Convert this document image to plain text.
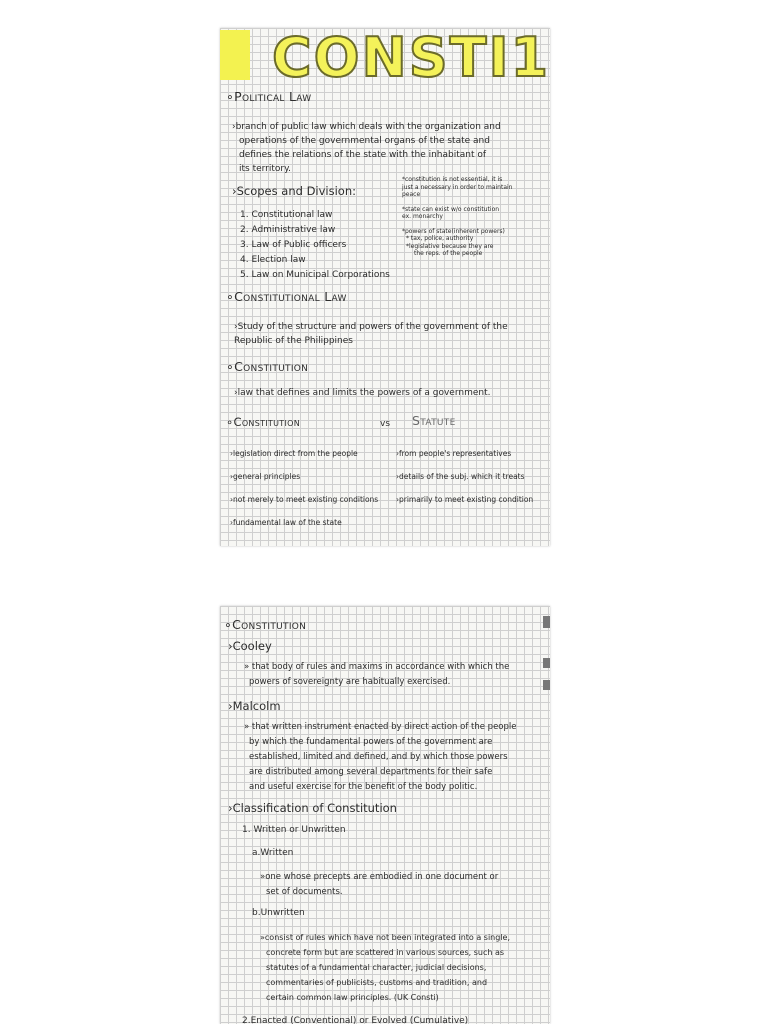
CONSTI1
∘Political Law
›branch of public law which deals with the organization and
operations of the governmental organs of the state and
defines the relations of the state with the inhabitant of
its territory.
›Scopes and Division:
1. Constitutional law
2. Administrative law
3. Law of Public officers
4. Election law
5. Law on Municipal Corporations
*constitution is not essential, it is
just a necessary in order to maintain
peace
*state can exist w/o constitution
ex. monarchy
*powers of state(inherent powers)
* tax, police, authority
*legislative because they are
the reps. of the people
∘Constitutional Law
›Study of the structure and powers of the government of the
Republic of the Philippines
∘Constitution
›law that defines and limits the powers of a government.
∘Constitution	vs Statute
›legislation direct from the people
›general principles
›not merely to meet existing conditions
›fundamental law of the state
›from people's representatives
›details of the subj. which it treats
›primarily to meet existing condition
∘Constitution
›Cooley
» that body of rules and maxims in accordance with which the
powers of sovereignty are habitually exercised.
›Malcolm
» that written instrument enacted by direct action of the people
by which the fundamental powers of the government are
established, limited and defined, and by which those powers
are distributed among several departments for their safe
and useful exercise for the benefit of the body politic.
›Classification of Constitution
1. Written or Unwritten
a.Written
»one whose precepts are embodied in one document or
set of documents.
b.Unwritten
»consist of rules which have not been integrated into a single,
concrete form but are scattered in various sources, such as
statutes of a fundamental character, judicial decisions,
commentaries of publicists, customs and tradition, and
certain common law principles. (UK Consti)
2.Enacted (Conventional) or Evolved (Cumulative)
